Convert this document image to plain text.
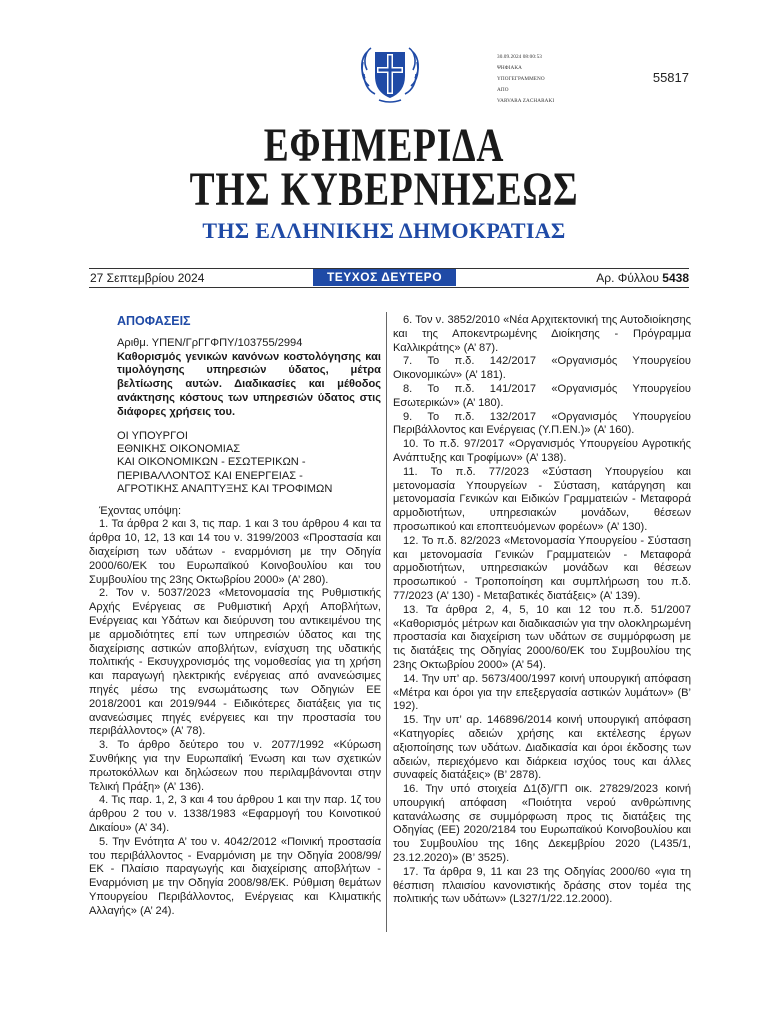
30.09.2024 08:00:53
ΨΗΦΙΑΚΑ
ΥΠΟΓΕΓΡΑΜΜΕΝΟ
ΑΠΟ
VARVARA ZACHARAKI
55817
ΕΦΗΜΕΡΙΔΑ
ΤΗΣ ΚΥΒΕΡΝΗΣΕΩΣ
ΤΗΣ ΕΛΛΗΝΙΚΗΣ ΔΗΜΟΚΡΑΤΙΑΣ
27 Σεπτεμβρίου 2024	ΤΕΥΧΟΣ ΔΕΥΤΕΡΟ	Αρ. Φύλλου 5438
ΑΠΟΦΑΣΕΙΣ

Αριθμ. ΥΠΕΝ/ΓρΓΓΦΠΥ/103755/2994

Καθορισμός γενικών κανόνων κοστολόγησης και τιμολόγησης υπηρεσιών ύδατος, μέτρα βελτίωσης αυτών. Διαδικασίες και μέθοδος ανάκτησης κόστους των υπηρεσιών ύδατος στις διάφορες χρήσεις του.

ΟΙ ΥΠΟΥΡΓΟΙ
ΕΘΝΙΚΗΣ ΟΙΚΟΝΟΜΙΑΣ
ΚΑΙ ΟΙΚΟΝΟΜΙΚΩΝ - ΕΣΩΤΕΡΙΚΩΝ -
ΠΕΡΙΒΑΛΛΟΝΤΟΣ ΚΑΙ ΕΝΕΡΓΕΙΑΣ -
ΑΓΡΟΤΙΚΗΣ ΑΝΑΠΤΥΞΗΣ ΚΑΙ ΤΡΟΦΙΜΩΝ

Έχοντας υπόψη:

1. Τα άρθρα 2 και 3, τις παρ. 1 και 3 του άρθρου 4 και τα άρθρα 10, 12, 13 και 14 του ν. 3199/2003 «Προστασία και διαχείριση των υδάτων - εναρμόνιση με την Οδηγία 2000/60/ΕΚ του Ευρωπαϊκού Κοινοβουλίου και του Συμβουλίου της 23ης Οκτωβρίου 2000» (Α’ 280).

2. Τον ν. 5037/2023 «Μετονομασία της Ρυθμιστικής Αρχής Ενέργειας σε Ρυθμιστική Αρχή Αποβλήτων, Ενέργειας και Υδάτων και διεύρυνση του αντικειμένου της με αρμοδιότητες επί των υπηρεσιών ύδατος και της διαχείρισης αστικών αποβλήτων, ενίσχυση της υδατικής πολιτικής - Εκσυγχρονισμός της νομοθεσίας για τη χρήση και παραγωγή ηλεκτρικής ενέργειας από ανανεώσιμες πηγές μέσω της ενσωμάτωσης των Οδηγιών ΕΕ 2018/2001 και 2019/944 - Ειδικότερες διατάξεις για τις ανανεώσιμες πηγές ενέργειες και την προστασία του περιβάλλοντος» (Α’ 78).

3. Το άρθρο δεύτερο του ν. 2077/1992 «Κύρωση Συνθήκης για την Ευρωπαϊκή Ένωση και των σχετικών πρωτοκόλλων και δηλώσεων που περιλαμβάνονται στην Τελική Πράξη» (Α’ 136).

4. Τις παρ. 1, 2, 3 και 4 του άρθρου 1 και την παρ. 1ζ του άρθρου 2 του ν. 1338/1983 «Εφαρμογή του Κοινοτικού Δικαίου» (Α’ 34).

5. Την Ενότητα Α’ του ν. 4042/2012 «Ποινική προστασία του περιβάλλοντος - Εναρμόνιση με την Οδηγία 2008/99/ΕΚ - Πλαίσιο παραγωγής και διαχείρισης αποβλήτων - Εναρμόνιση με την Οδηγία 2008/98/ΕΚ. Ρύθμιση θεμάτων Υπουργείου Περιβάλλοντος, Ενέργειας και Κλιματικής Αλλαγής» (Α’ 24).

6. Τον ν. 3852/2010 «Νέα Αρχιτεκτονική της Αυτοδιοίκησης και της Αποκεντρωμένης Διοίκησης - Πρόγραμμα Καλλικράτης» (Α’ 87).

7. Το π.δ. 142/2017 «Οργανισμός Υπουργείου Οικονομικών» (Α’ 181).

8. Το π.δ. 141/2017 «Οργανισμός Υπουργείου Εσωτερικών» (Α’ 180).

9. Το π.δ. 132/2017 «Οργανισμός Υπουργείου Περιβάλλοντος και Ενέργειας (Υ.Π.ΕΝ.)» (Α’ 160).

10. Το π.δ. 97/2017 «Οργανισμός Υπουργείου Αγροτικής Ανάπτυξης και Τροφίμων» (Α’ 138).

11. Το π.δ. 77/2023 «Σύσταση Υπουργείου και μετονομασία Υπουργείων - Σύσταση, κατάργηση και μετονομασία Γενικών και Ειδικών Γραμματειών - Μεταφορά αρμοδιοτήτων, υπηρεσιακών μονάδων, θέσεων προσωπικού και εποπτευόμενων φορέων» (Α’ 130).

12. Το π.δ. 82/2023 «Μετονομασία Υπουργείου - Σύσταση και μετονομασία Γενικών Γραμματειών - Μεταφορά αρμοδιοτήτων, υπηρεσιακών μονάδων και θέσεων προσωπικού - Τροποποίηση και συμπλήρωση του π.δ. 77/2023 (Α’ 130) - Μεταβατικές διατάξεις» (Α’ 139).

13. Τα άρθρα 2, 4, 5, 10 και 12 του π.δ. 51/2007 «Καθορισμός μέτρων και διαδικασιών για την ολοκληρωμένη προστασία και διαχείριση των υδάτων σε συμμόρφωση με τις διατάξεις της Οδηγίας 2000/60/ΕΚ του Συμβουλίου της 23ης Οκτωβρίου 2000» (Α’ 54).

14. Την υπ’ αρ. 5673/400/1997 κοινή υπουργική απόφαση «Μέτρα και όροι για την επεξεργασία αστικών λυμάτων» (Β’ 192).

15. Την υπ’ αρ. 146896/2014 κοινή υπουργική απόφαση «Κατηγορίες αδειών χρήσης και εκτέλεσης έργων αξιοποίησης των υδάτων. Διαδικασία και όροι έκδοσης των αδειών, περιεχόμενο και διάρκεια ισχύος τους και άλλες συναφείς διατάξεις» (Β’ 2878).

16. Την υπό στοιχεία Δ1(δ)/ΓΠ οικ. 27829/2023 κοινή υπουργική απόφαση «Ποιότητα νερού ανθρώπινης κατανάλωσης σε συμμόρφωση προς τις διατάξεις της Οδηγίας (ΕΕ) 2020/2184 του Ευρωπαϊκού Κοινοβουλίου και του Συμβουλίου της 16ης Δεκεμβρίου 2020 (L435/1, 23.12.2020)» (Β’ 3525).

17. Τα άρθρα 9, 11 και 23 της Οδηγίας 2000/60 «για τη θέσπιση πλαισίου κανονιστικής δράσης στον τομέα της πολιτικής των υδάτων» (L327/1/22.12.2000).
